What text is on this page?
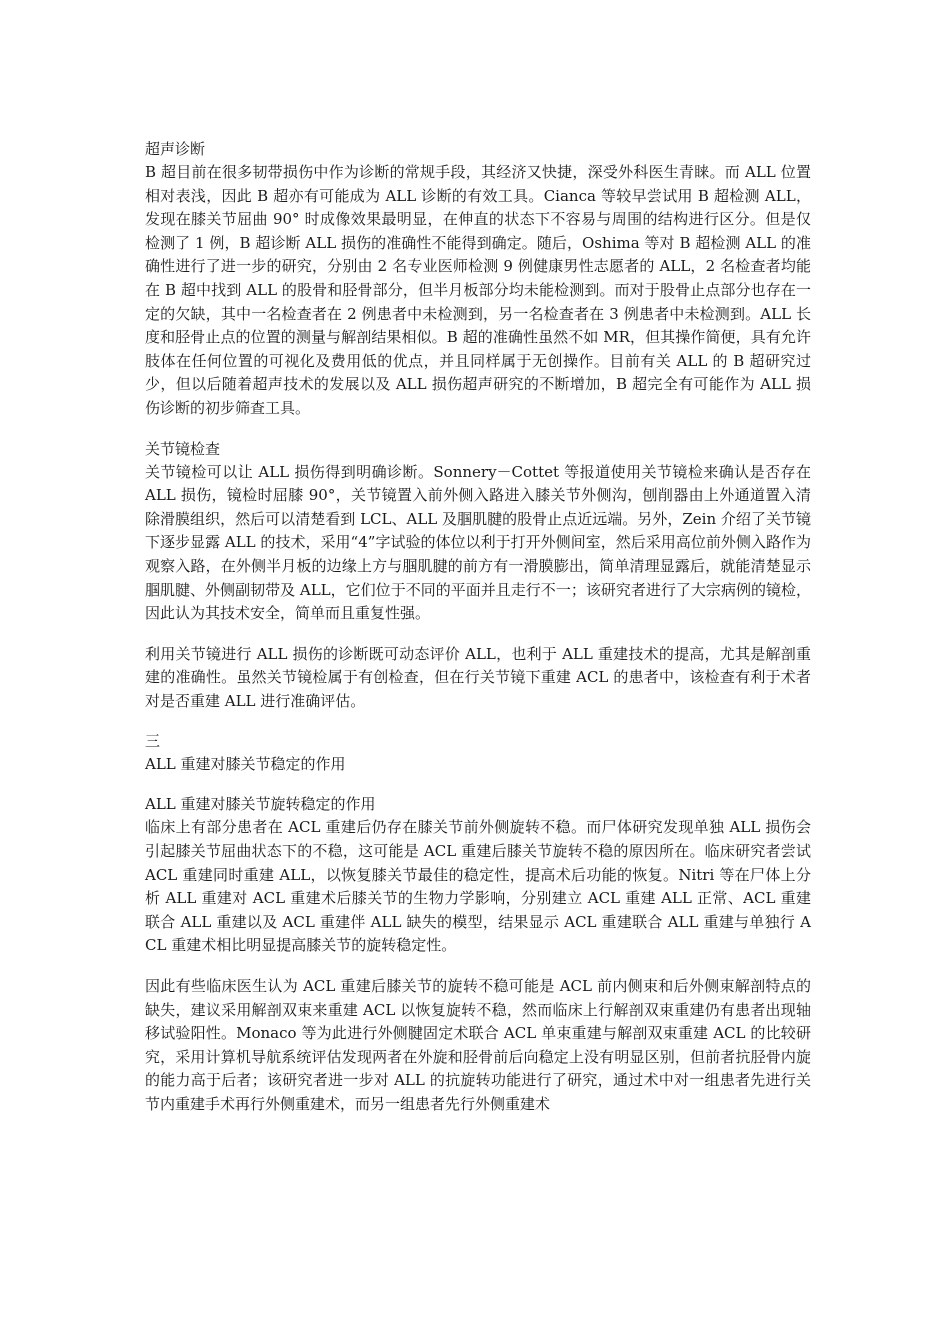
超声诊断

B 超目前在很多韧带损伤中作为诊断的常规手段，其经济又快捷，深受外科医生青睐。而 ALL 位置相对表浅，因此 B 超亦有可能成为 ALL 诊断的有效工具。Cianca 等较早尝试用 B 超检测 ALL，发现在膝关节屈曲 90° 时成像效果最明显，在伸直的状态下不容易与周围的结构进行区分。但是仅检测了 1 例，B 超诊断 ALL 损伤的准确性不能得到确定。随后，Oshima 等对 B 超检测 ALL 的准确性进行了进一步的研究，分别由 2 名专业医师检测 9 例健康男性志愿者的 ALL，2 名检查者均能在 B 超中找到 ALL 的股骨和胫骨部分，但半月板部分均未能检测到。而对于股骨止点部分也存在一定的欠缺，其中一名检查者在 2 例患者中未检测到，另一名检查者在 3 例患者中未检测到。ALL 长度和胫骨止点的位置的测量与解剖结果相似。B 超的准确性虽然不如 MR，但其操作简便，具有允许肢体在任何位置的可视化及费用低的优点，并且同样属于无创操作。目前有关 ALL 的 B 超研究过少，但以后随着超声技术的发展以及 ALL 损伤超声研究的不断增加，B 超完全有可能作为 ALL 损伤诊断的初步筛查工具。

关节镜检查

关节镜检可以让 ALL 损伤得到明确诊断。Sonnery－Cottet 等报道使用关节镜检来确认是否存在 ALL 损伤，镜检时屈膝 90°，关节镜置入前外侧入路进入膝关节外侧沟，刨削器由上外通道置入清除滑膜组织，然后可以清楚看到 LCL、ALL 及腘肌腱的股骨止点近远端。另外，Zein 介绍了关节镜下逐步显露 ALL 的技术，采用“4”字试验的体位以利于打开外侧间室，然后采用高位前外侧入路作为观察入路，在外侧半月板的边缘上方与腘肌腱的前方有一滑膜膨出，简单清理显露后，就能清楚显示腘肌腱、外侧副韧带及 ALL，它们位于不同的平面并且走行不一；该研究者进行了大宗病例的镜检，因此认为其技术安全，简单而且重复性强。

利用关节镜进行 ALL 损伤的诊断既可动态评价 ALL，也利于 ALL 重建技术的提高，尤其是解剖重建的准确性。虽然关节镜检属于有创检查，但在行关节镜下重建 ACL 的患者中，该检查有利于术者对是否重建 ALL 进行准确评估。

三

ALL 重建对膝关节稳定的作用

ALL 重建对膝关节旋转稳定的作用

临床上有部分患者在 ACL 重建后仍存在膝关节前外侧旋转不稳。而尸体研究发现单独 ALL 损伤会引起膝关节屈曲状态下的不稳，这可能是 ACL 重建后膝关节旋转不稳的原因所在。临床研究者尝试 ACL 重建同时重建 ALL，以恢复膝关节最佳的稳定性，提高术后功能的恢复。Nitri 等在尸体上分析 ALL 重建对 ACL 重建术后膝关节的生物力学影响，分别建立 ACL 重建 ALL 正常、ACL 重建联合 ALL 重建以及 ACL 重建伴 ALL 缺失的模型，结果显示 ACL 重建联合 ALL 重建与单独行 ACL 重建术相比明显提高膝关节的旋转稳定性。

因此有些临床医生认为 ACL 重建后膝关节的旋转不稳可能是 ACL 前内侧束和后外侧束解剖特点的缺失，建议采用解剖双束来重建 ACL 以恢复旋转不稳，然而临床上行解剖双束重建仍有患者出现轴移试验阳性。Monaco 等为此进行外侧腱固定术联合 ACL 单束重建与解剖双束重建 ACL 的比较研究，采用计算机导航系统评估发现两者在外旋和胫骨前后向稳定上没有明显区别，但前者抗胫骨内旋的能力高于后者；该研究者进一步对 ALL 的抗旋转功能进行了研究，通过术中对一组患者先进行关节内重建手术再行外侧重建术，而另一组患者先行外侧重建术
